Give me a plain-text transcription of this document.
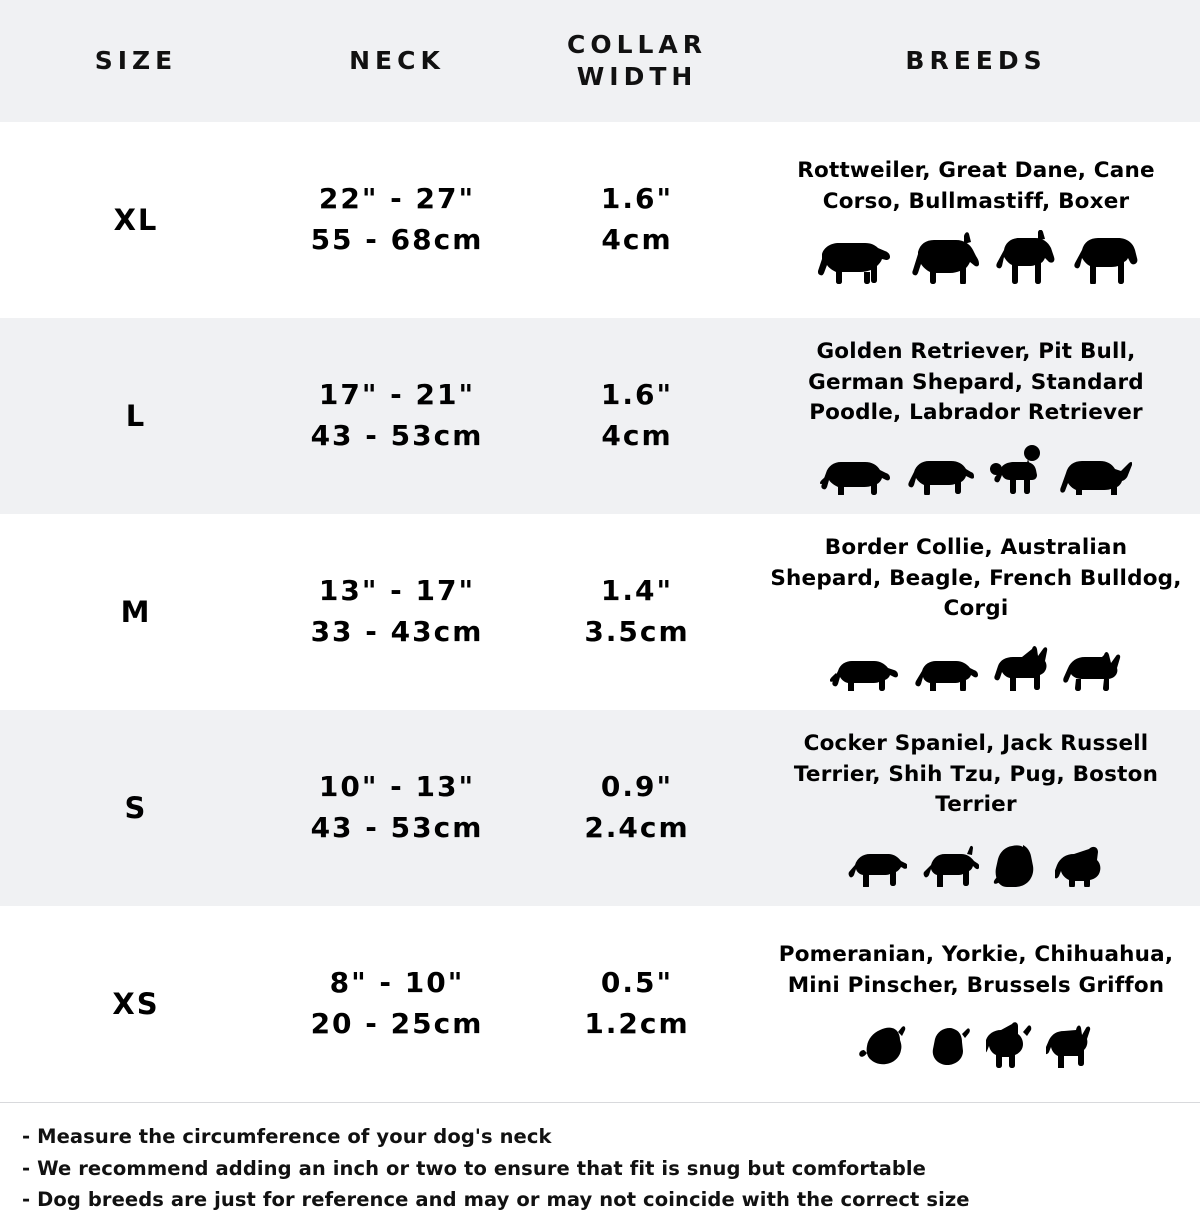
SIZE	NECK
COLLAR
WIDTH
BREEDS
XL
22" - 27"
55 - 68cm
1.6"
4cm
Rottweiler, Great Dane, Cane Corso, Bullmastiff, Boxer
L
17" - 21"
43 - 53cm
1.6"
4cm
Golden Retriever, Pit Bull, German Shepard, Standard Poodle, Labrador Retriever
M
13" - 17"
33 - 43cm
1.4"
3.5cm
Border Collie, Australian Shepard, Beagle, French Bulldog, Corgi
S
10" - 13"
43 - 53cm
0.9"
2.4cm
Cocker Spaniel, Jack Russell Terrier, Shih Tzu, Pug, Boston Terrier
XS
8" - 10"
20 - 25cm
0.5"
1.2cm
Pomeranian, Yorkie, Chihuahua, Mini Pinscher, Brussels Griffon
- Measure the circumference of your dog's neck
- We recommend adding an inch or two to ensure that fit is snug but comfortable
- Dog breeds are just for reference and may or may not coincide with the correct size
